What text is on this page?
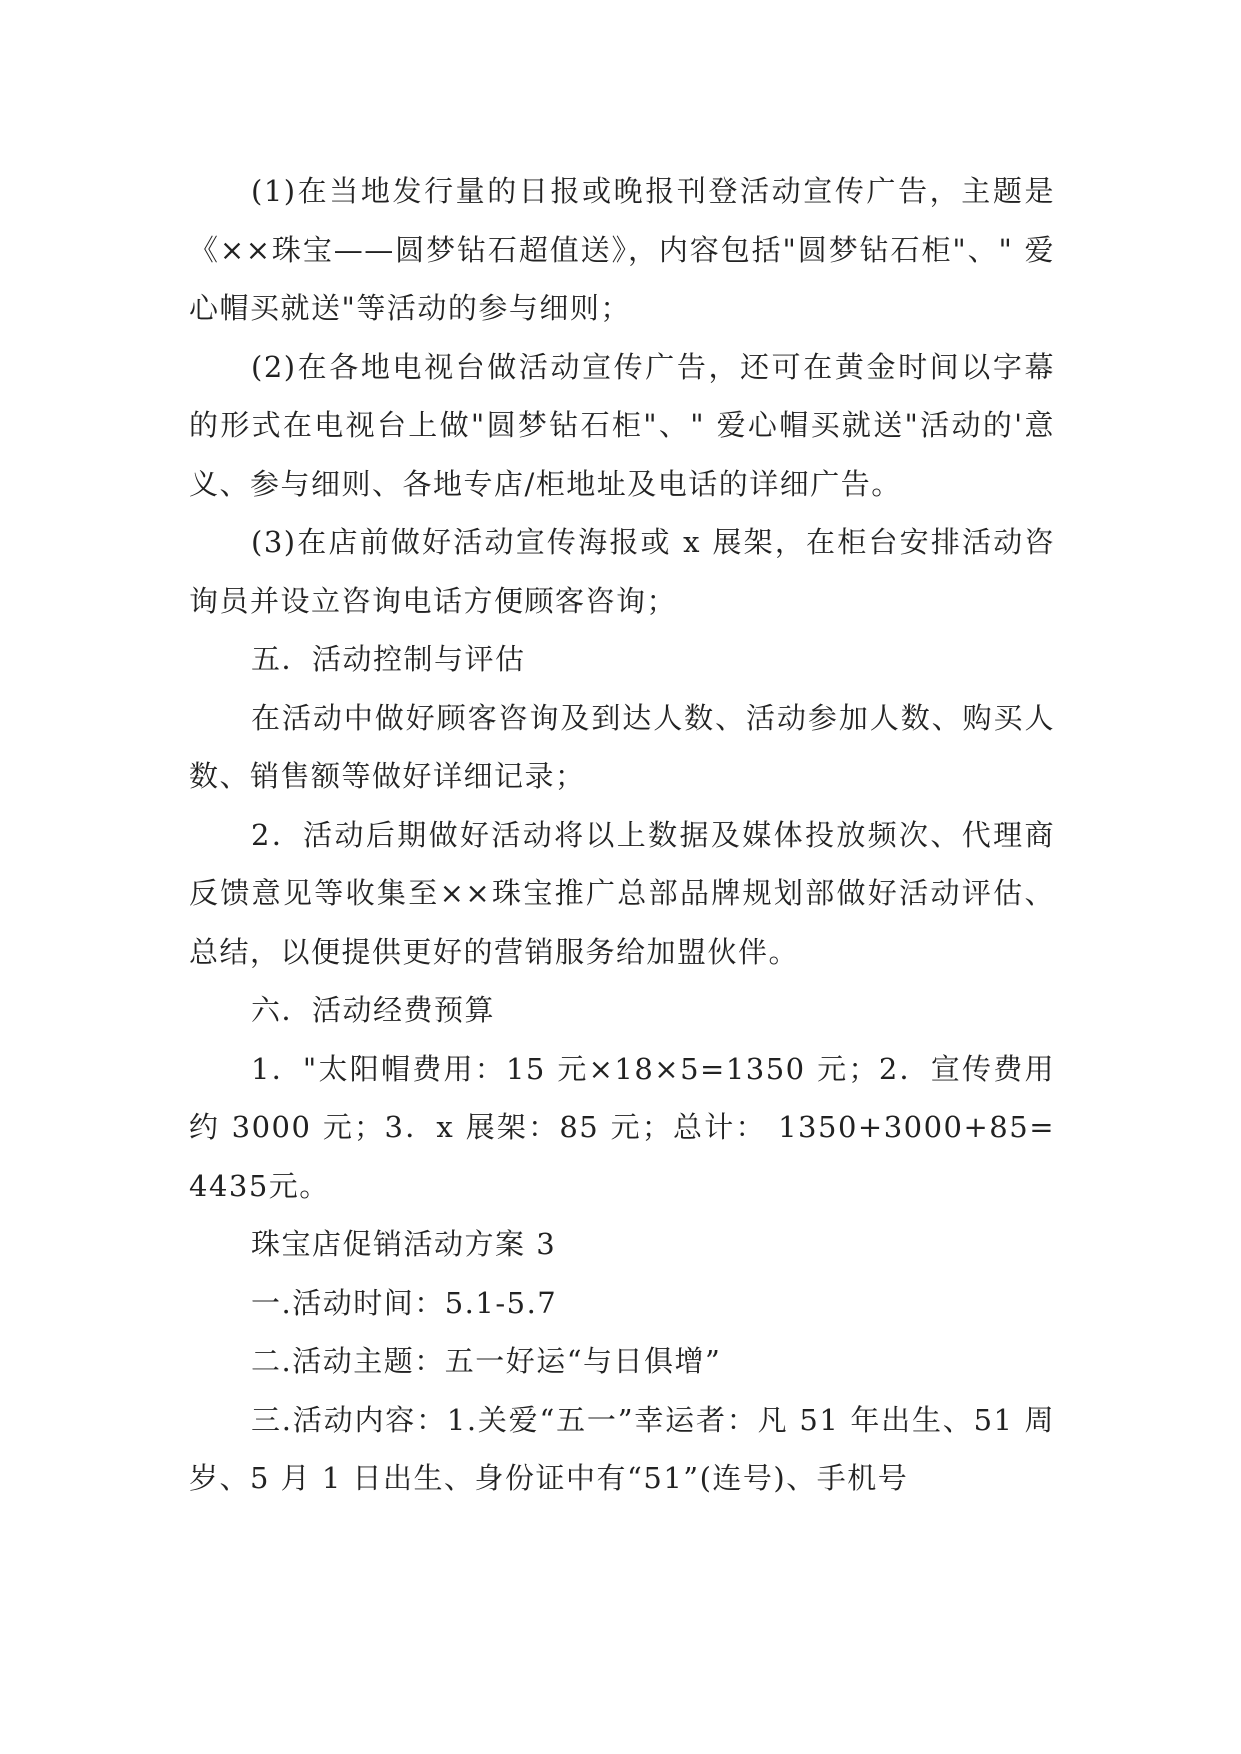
(1)在当地发行量的日报或晚报刊登活动宣传广告，主题是《××珠宝——圆梦钻石超值送》，内容包括"圆梦钻石柜"、" 爱心帽买就送"等活动的参与细则；

(2)在各地电视台做活动宣传广告，还可在黄金时间以字幕的形式在电视台上做"圆梦钻石柜"、" 爱心帽买就送"活动的'意义、参与细则、各地专店/柜地址及电话的详细广告。

(3)在店前做好活动宣传海报或 x 展架，在柜台安排活动咨询员并设立咨询电话方便顾客咨询；

五．活动控制与评估

在活动中做好顾客咨询及到达人数、活动参加人数、购买人数、销售额等做好详细记录；

2．活动后期做好活动将以上数据及媒体投放频次、代理商反馈意见等收集至××珠宝推广总部品牌规划部做好活动评估、总结，以便提供更好的营销服务给加盟伙伴。

六．活动经费预算

1．"太阳帽费用：15 元×18×5=1350 元；2．宣传费用约 3000 元；3．x 展架：85 元；总计： 1350+3000+85=4435元。

珠宝店促销活动方案 3

一.活动时间：5.1-5.7

二.活动主题：五一好运“与日俱增”

三.活动内容：1.关爱“五一”幸运者：凡 51 年出生、51 周岁、5 月 1 日出生、身份证中有“51”(连号)、手机号
